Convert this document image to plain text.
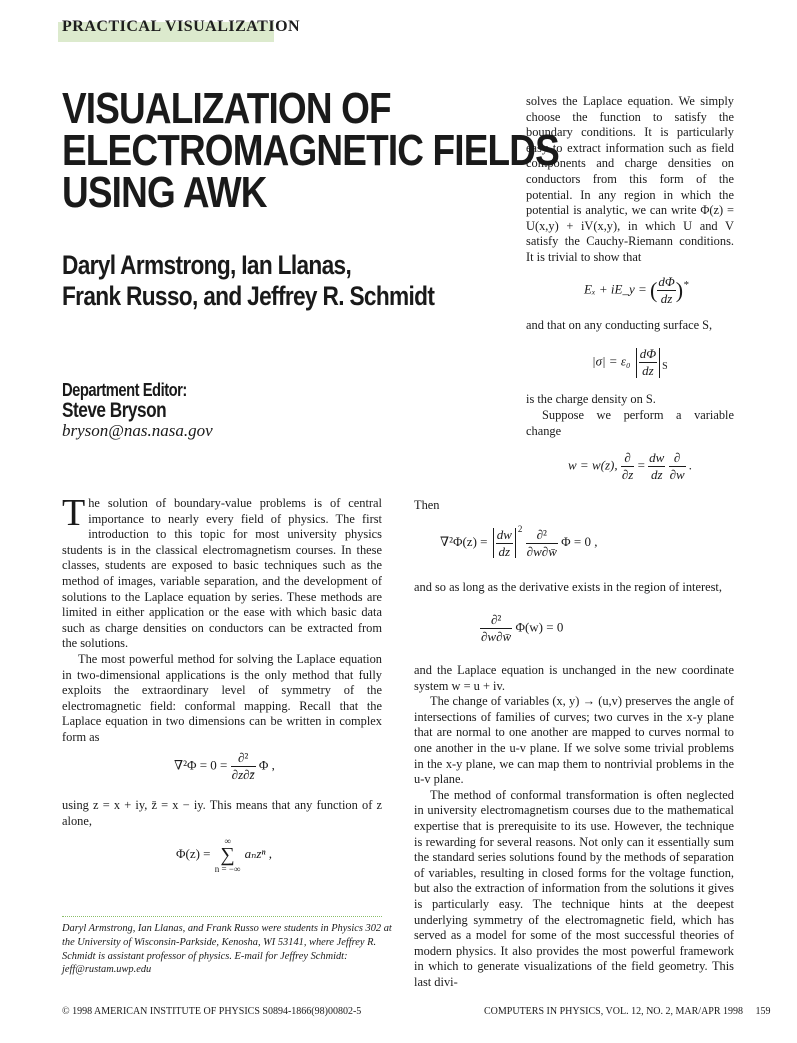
PRACTICAL VISUALIZATION
VISUALIZATION OF
ELECTROMAGNETIC FIELDS
USING AWK
Daryl Armstrong, Ian Llanas,
Frank Russo, and Jeffrey R. Schmidt
Department Editor:
Steve Bryson
bryson@nas.nasa.gov

solves the Laplace equation. We simply choose the function to satisfy the boundary conditions. It is particularly easy to extract information such as field components and charge densities on conductors from this form of the potential. In any region in which the potential is analytic, we can write Φ(z) = U(x,y) + iV(x,y), in which U and V satisfy the Cauchy-Riemann conditions. It is trivial to show that

Eₓ + iE_y = ( $\frac{d\Phi}{dz} )^*$
and that on any conducting surface S,
$|\sigma| = \varepsilon_0 \frac{d\Phi}{dz} _S$
is the charge density on S.

Suppose we perform a variable change

w = w(z), $\frac{\partial}{\partial z} = \frac{dw}{dz}$
$\frac{\partial}{\partial w}$ .

The solution of boundary-value problems is of central importance to nearly every field of physics. The first introduction to this topic for most university physics students is in the classical electromagnetism courses. In these classes, students are exposed to basic techniques such as the method of images, variable separation, and the development of solutions to the Laplace equation by series. These methods are limited in either application or the ease with which basic data such as charge densities on conductors can be extracted from the solutions.

The most powerful method for solving the Laplace equation in two-dimensional applications is the only method that fully exploits the extraordinary level of symmetry of the electromagnetic field: conformal mapping. Recall that the Laplace equation in two dimensions can be written in complex form as

$\nabla^2\Phi = 0 = \frac{\text{∂²}}{\partial z\partial z̄}$ Φ ,

using z = x + iy, z̄ = x − iy. This means that any function of z alone,

Φ(z) =
∞
∑
n = −∞
aₙzⁿ ,
Then
$\nabla^2\Phi(z) = \frac{dw}{dz} ^2 \frac{\text{∂²}}{\partial w\partial w̄}$ Φ = 0 ,
and so as long as the derivative exists in the region of interest,
$\frac{\text{∂²}}{\partial w\partial w̄} \Phi(w) = 0$

and the Laplace equation is unchanged in the new coordinate system w = u + iv.

The change of variables (x, y) → (u,v) preserves the angle of intersections of families of curves; two curves in the x-y plane that are normal to one another are mapped to curves normal to one another in the u-v plane. If we solve some trivial problems in the x-y plane, we can map them to nontrivial problems in the u-v plane.

The method of conformal transformation is often neglected in university electromagnetism courses due to the mathematical expertise that is prerequisite to its use. However, the technique is rewarding for several reasons. Not only can it essentially sum the standard series solutions found by the methods of separation of variables, resulting in closed forms for the voltage function, but also the extraction of information from the solutions it gives is particularly easy. The technique hints at the deepest underlying symmetry of the electromagnetic field, which has served as a model for some of the most successful theories of modern physics. It also provides the most powerful framework in which to generate visualizations of the field geometry. This last divi-

Daryl Armstrong, Ian Llanas, and Frank Russo were students in Physics 302 at the University of Wisconsin-Parkside, Kenosha, WI 53141, where Jeffrey R. Schmidt is assistant professor of physics. E-mail for Jeffrey Schmidt: jeff@rustam.uwp.edu
© 1998 AMERICAN INSTITUTE OF PHYSICS S0894-1866(98)00802-5	COMPUTERS IN PHYSICS, VOL. 12, NO. 2, MAR/APR 1998     159
